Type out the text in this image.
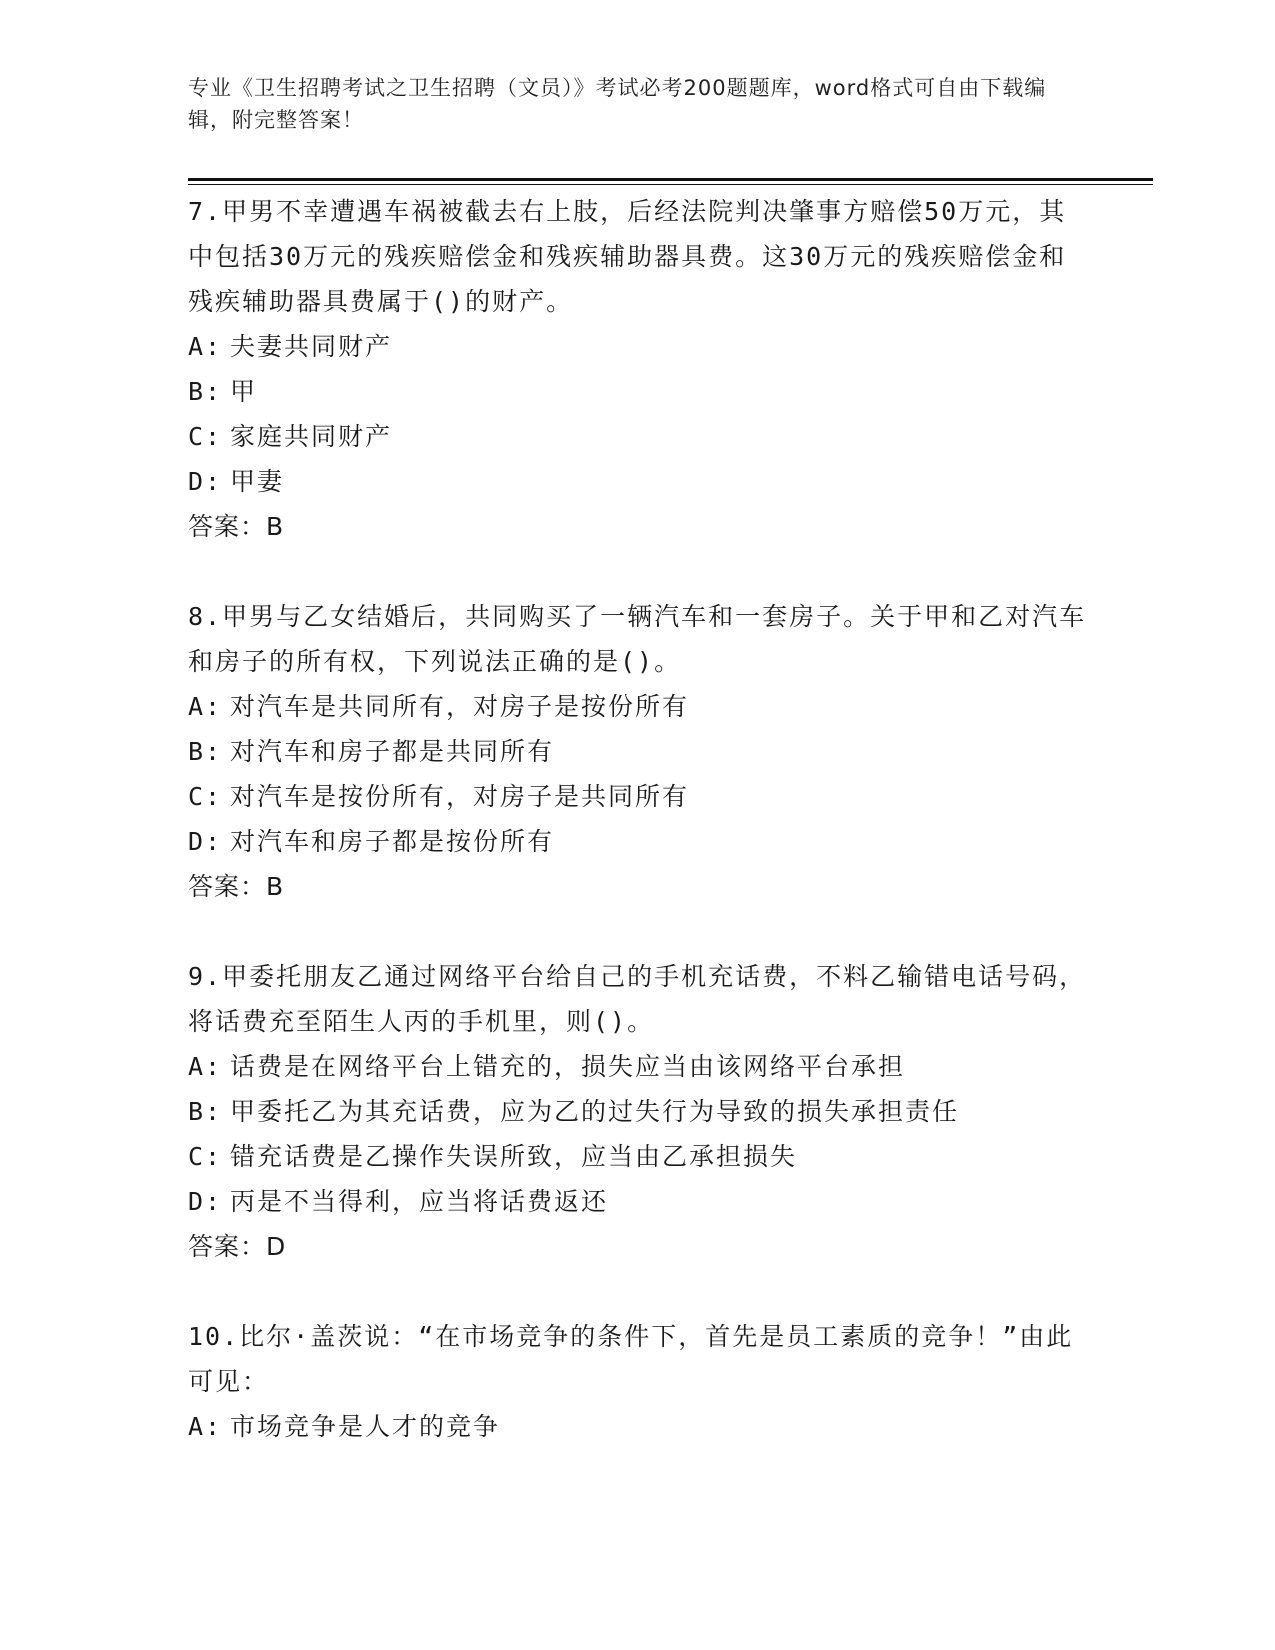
专业《卫生招聘考试之卫生招聘（文员）》考试必考200题题库，word格式可自由下载编辑，附完整答案！
7.甲男不幸遭遇车祸被截去右上肢，后经法院判决肇事方赔偿50万元，其中包括30万元的残疾赔偿金和残疾辅助器具费。这30万元的残疾赔偿金和残疾辅助器具费属于()的财产。
A: 夫妻共同财产
B: 甲
C: 家庭共同财产
D: 甲妻
答案：B
8.甲男与乙女结婚后，共同购买了一辆汽车和一套房子。关于甲和乙对汽车和房子的所有权，下列说法正确的是()。
A: 对汽车是共同所有，对房子是按份所有
B: 对汽车和房子都是共同所有
C: 对汽车是按份所有，对房子是共同所有
D: 对汽车和房子都是按份所有
答案：B
9.甲委托朋友乙通过网络平台给自己的手机充话费，不料乙输错电话号码，将话费充至陌生人丙的手机里，则()。
A: 话费是在网络平台上错充的，损失应当由该网络平台承担
B: 甲委托乙为其充话费，应为乙的过失行为导致的损失承担责任
C: 错充话费是乙操作失误所致，应当由乙承担损失
D: 丙是不当得利，应当将话费返还
答案：D
10.比尔·盖茨说：“在市场竞争的条件下，首先是员工素质的竞争！”由此可见：
A: 市场竞争是人才的竞争
